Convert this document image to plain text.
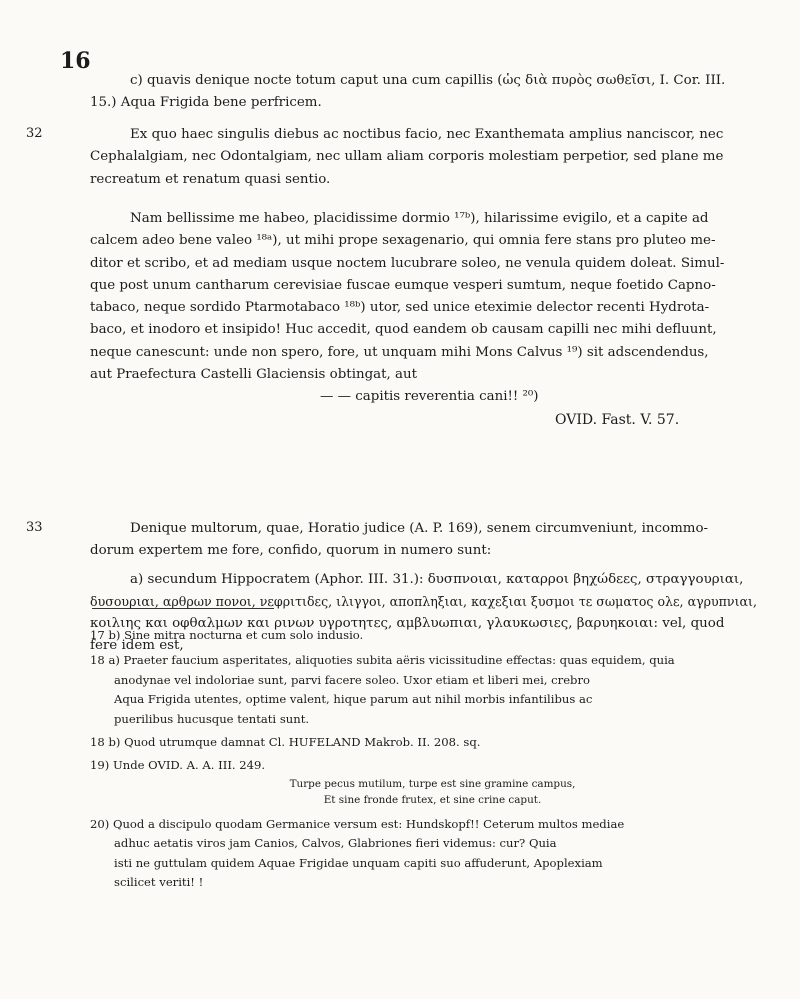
16
32
33
c) quavis denique nocte totum caput una cum capillis (ὡς διὰ πυρὸς σωθεῖσι, I. Cor. III.
15.) Aqua Frigida bene perfricem.
Ex quo haec singulis diebus ac noctibus facio, nec Exanthemata amplius nanciscor, nec
Cephalalgiam, nec Odontalgiam, nec ullam aliam corporis molestiam perpetior, sed plane me
recreatum et renatum quasi sentio.
Nam bellissime me habeo, placidissime dormio ¹⁷ᵇ), hilarissime evigilo, et a capite ad
calcem adeo bene valeo ¹⁸ᵃ), ut mihi prope sexagenario, qui omnia fere stans pro pluteo me-
ditor et scribo, et ad mediam usque noctem lucubrare soleo, ne venula quidem doleat. Simul-
que post unum cantharum cerevisiae fuscae eumque vesperi sumtum, neque foetido Capno-
tabaco, neque sordido Ptarmotabaco ¹⁸ᵇ) utor, sed unice eteximie delector recenti Hydrota-
baco, et inodoro et insipido! Huc accedit, quod eandem ob causam capilli nec mihi defluunt,
neque canescunt: unde non spero, fore, ut unquam mihi Mons Calvus ¹⁹) sit adscendendus,
aut Praefectura Castelli Glaciensis obtingat, aut
— — capitis reverentia cani!! ²⁰)
OVID. Fast. V. 57.
Denique multorum, quae, Horatio judice (A. P. 169), senem circumveniunt, incommo-
dorum expertem me fore, confido, quorum in numero sunt:
a) secundum Hippocratem (Aphor. III. 31.): δυσπνοιαι, καταρροι βηχώδεες, στραγγουριαι,
δυσουριαι, αρθρων πονοι, νεφριτιδες, ιλιγγοι, αποπληξιαι, καχεξιαι ξυσμοι τε σωματος ολε, αγρυπνιαι,
κοιλιης και οφθαλμων και ρινων υγροτητες, αμβλυωπιαι, γλαυκωσιες, βαρυηκοιαι: vel, quod
fere idem est,
17 b) Sine mitra nocturna et cum solo indusio.
18 a) Praeter faucium asperitates, aliquoties subita aëris vicissitudine effectas: quas equidem, quia
anodynae vel indoloriae sunt, parvi facere soleo. Uxor etiam et liberi mei, crebro
Aqua Frigida utentes, optime valent, hique parum aut nihil morbis infantilibus ac
puerilibus hucusque tentati sunt.
18 b) Quod utrumque damnat Cl. HUFELAND Makrob. II. 208. sq.
19) Unde OVID. A. A. III. 249.
Turpe pecus mutilum, turpe est sine gramine campus,
Et sine fronde frutex, et sine crine caput.
20) Quod a discipulo quodam Germanice versum est: Hundskopf!! Ceterum multos mediae
adhuc aetatis viros jam Canios, Calvos, Glabriones fieri videmus: cur? Quia
isti ne guttulam quidem Aquae Frigidae unquam capiti suo affuderunt, Apoplexiam
scilicet veriti! !
